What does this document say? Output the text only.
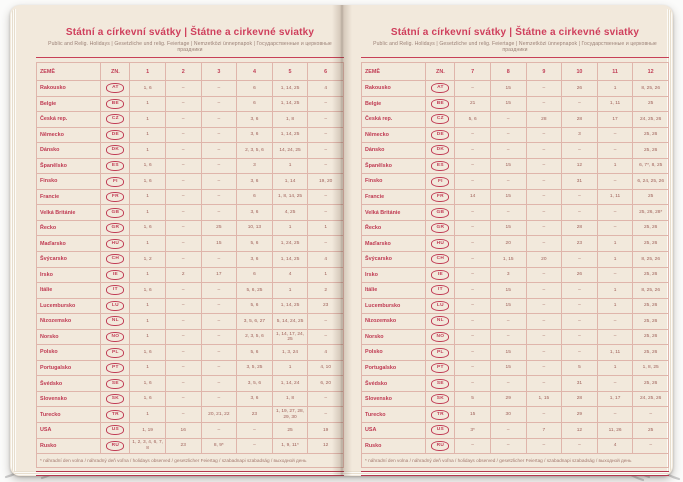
Státní a církevní svátky | Štátne a cirkevné sviatky
Public and Relig. Holidays | Gesetzliche und relig. Feiertage | Nemzetközi ünnepnapok | Государственные и церковные праздники
ZEMĚ	ZN.	1	2	3	4	5	6
Rakousko	AT	1, 6	–	–	6	1, 14, 25	4
Belgie	BE	1	–	–	6	1, 14, 25	–
Česká rep.	CZ	1	–	–	3, 6	1, 8	–
Německo	DE	1	–	–	3, 6	1, 14, 25	–
Dánsko	DK	1	–	–	2, 3, 5, 6	14, 24, 25	–
Španělsko	ES	1, 6	–	–	3	1	–
Finsko	FI	1, 6	–	–	3, 6	1, 14	19, 20
Francie	FR	1	–	–	6	1, 8, 14, 25	–
Velká Británie	GB	1	–	–	3, 6	4, 25	–
Řecko	GR	1, 6	–	25	10, 13	1	1
Maďarsko	HU	1	–	15	5, 6	1, 24, 25	–
Švýcarsko	CH	1, 2	–	–	3, 6	1, 14, 25	4
Irsko	IE	1	2	17	6	4	1
Itálie	IT	1, 6	–	–	5, 6, 25	1	2
Lucembursko	LU	1	–	–	5, 6	1, 14, 25	23
Nizozemsko	NL	1	–	–	3, 5, 6, 27	5, 14, 24, 25	–
Norsko	NO	1	–	–	2, 3, 5, 6	1, 14, 17, 24, 25	–
Polsko	PL	1, 6	–	–	5, 6	1, 3, 24	4
Portugalsko	PT	1	–	–	3, 5, 25	1	4, 10
Švédsko	SE	1, 6	–	–	3, 5, 6	1, 14, 24	6, 20
Slovensko	SK	1, 6	–	–	3, 6	1, 8	–
Turecko	TR	1	–	20, 21, 22	23	1, 19, 27, 28, 29, 30	–
USA	US	1, 19	16	–	–	25	19
Rusko	RU	1, 2, 3, 4, 6, 7, 8	23	8, 9*	–	1, 9, 11*	12
* náhradní den volna / náhradný deň voľna / holidays observed / gesetzlicher Feiertag / szabadnapi szabadság / выходной день							
Státní a církevní svátky | Štátne a cirkevné sviatky
Public and Relig. Holidays | Gesetzliche und relig. Feiertage | Nemzetközi ünnepnapok | Государственные и церковные праздники
ZEMĚ	ZN.	7	8	9	10	11	12
Rakousko	AT	–	15	–	26	1	8, 25, 26
Belgie	BE	21	15	–	–	1, 11	25
Česká rep.	CZ	5, 6	–	28	28	17	24, 25, 26
Německo	DE	–	–	–	3	–	25, 26
Dánsko	DK	–	–	–	–	–	25, 26
Španělsko	ES	–	15	–	12	1	6, 7*, 8, 25
Finsko	FI	–	–	–	31	–	6, 24, 25, 26
Francie	FR	14	15	–	–	1, 11	25
Velká Británie	GB	–	–	–	–	–	25, 26, 28*
Řecko	GR	–	15	–	28	–	25, 26
Maďarsko	HU	–	20	–	23	1	25, 26
Švýcarsko	CH	–	1, 15	20	–	1	8, 25, 26
Irsko	IE	–	3	–	26	–	25, 26
Itálie	IT	–	15	–	–	1	8, 25, 26
Lucembursko	LU	–	15	–	–	1	25, 26
Nizozemsko	NL	–	–	–	–	–	25, 26
Norsko	NO	–	–	–	–	–	25, 26
Polsko	PL	–	15	–	–	1, 11	25, 26
Portugalsko	PT	–	15	–	5	1	1, 8, 25
Švédsko	SE	–	–	–	31	–	25, 26
Slovensko	SK	5	29	1, 15	28	1, 17	24, 25, 26
Turecko	TR	15	30	–	29	–	–
USA	US	3*	–	7	12	11, 26	25
Rusko	RU	–	–	–	–	4	–
* náhradní den volna / náhradný deň voľna / holidays observed / gesetzlicher Feiertag / szabadnapi szabadság / выходной день							
